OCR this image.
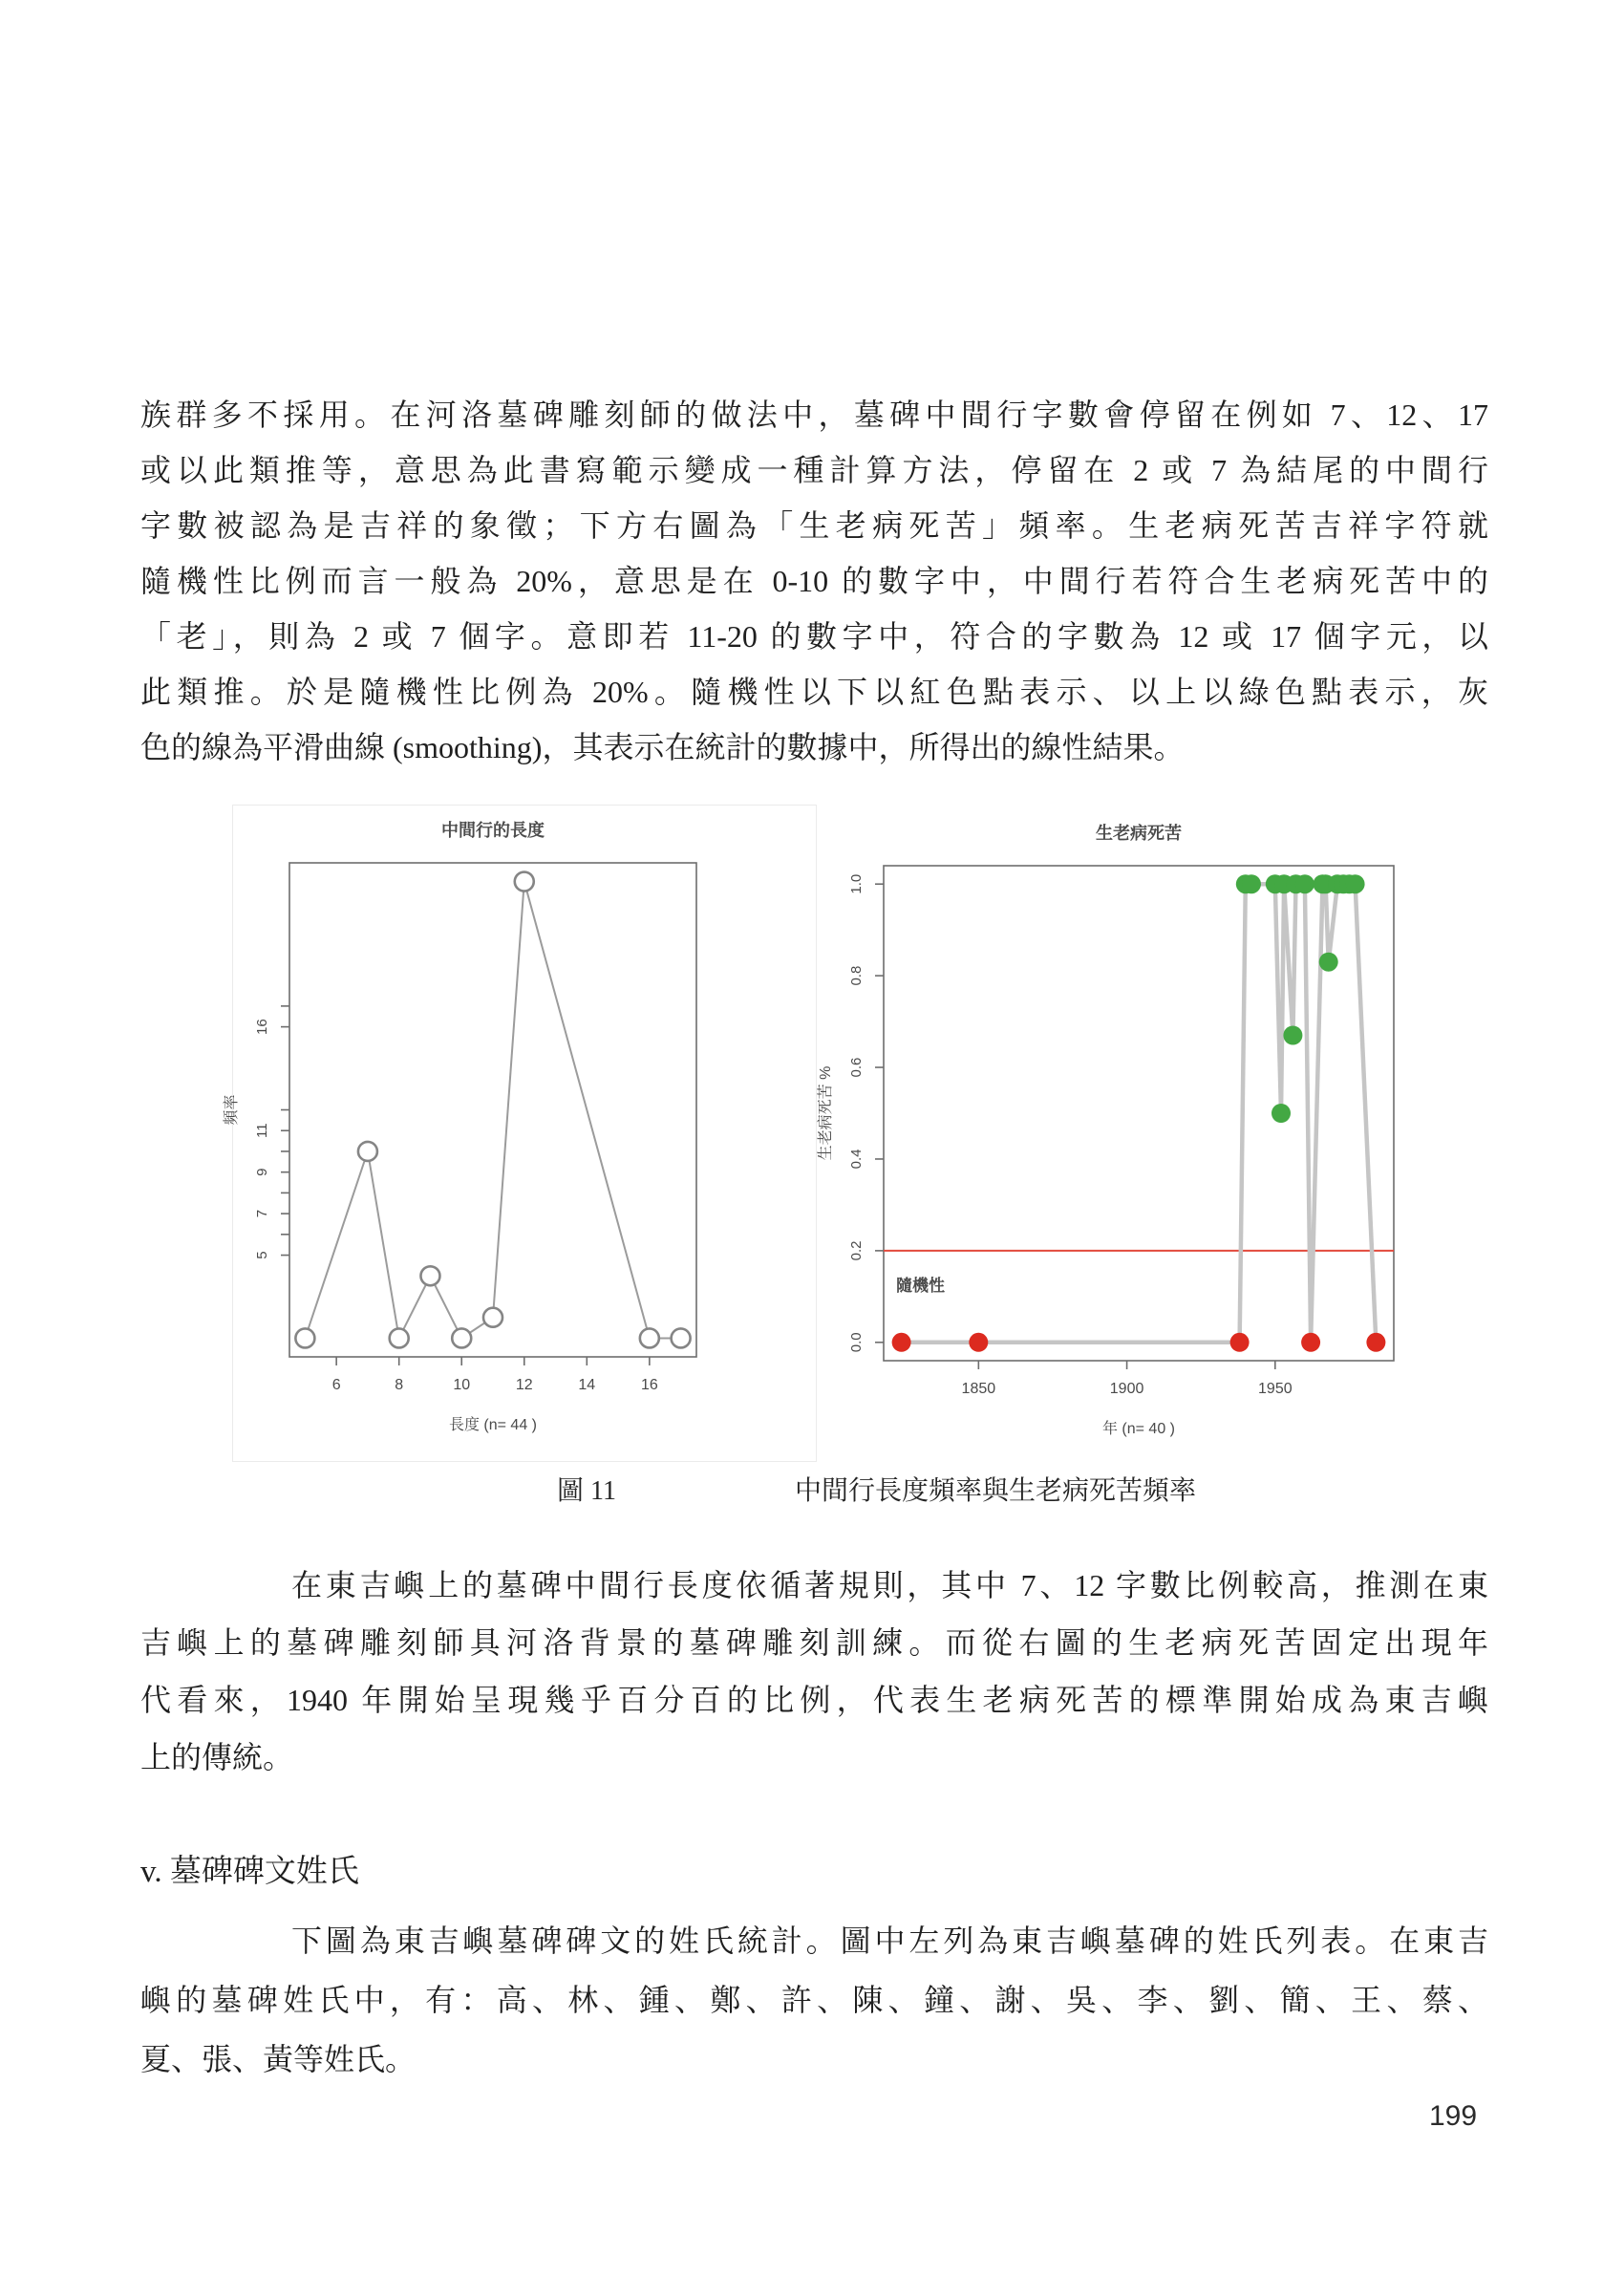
族群多不採用。在河洛墓碑雕刻師的做法中，墓碑中間行字數會停留在例如 7、12、17
或以此類推等，意思為此書寫範示變成一種計算方法，停留在 2 或 7 為結尾的中間行
字數被認為是吉祥的象徵；下方右圖為「生老病死苦」頻率。生老病死苦吉祥字符就
隨機性比例而言一般為 20%，意思是在 0-10 的數字中，中間行若符合生老病死苦中的
「老」，則為 2 或 7 個字。意即若 11-20 的數字中，符合的字數為 12 或 17 個字元，以
此類推。於是隨機性比例為 20%。隨機性以下以紅色點表示、以上以綠色點表示，灰
色的線為平滑曲線 (smoothing)，其表示在統計的數據中，所得出的線性結果。
中間行的長度
長度 (n= 44 )
頻率
6	8	10	12	14	16
5
7
9
11
16
生老病死苦
年 (n= 40 )
生老病死苦 %
1850	1900	1950
0.0
0.2
0.4
0.6
0.8
1.0
隨機性
圖 11	中間行長度頻率與生老病死苦頻率
在東吉嶼上的墓碑中間行長度依循著規則，其中 7、12 字數比例較高，推測在東
吉嶼上的墓碑雕刻師具河洛背景的墓碑雕刻訓練。而從右圖的生老病死苦固定出現年
代看來，1940 年開始呈現幾乎百分百的比例，代表生老病死苦的標準開始成為東吉嶼
上的傳統。
v. 墓碑碑文姓氏
下圖為東吉嶼墓碑碑文的姓氏統計。圖中左列為東吉嶼墓碑的姓氏列表。在東吉
嶼的墓碑姓氏中，有：高、林、鍾、鄭、許、陳、鐘、謝、吳、李、劉、簡、王、蔡、
夏、張、黃等姓氏。
199
